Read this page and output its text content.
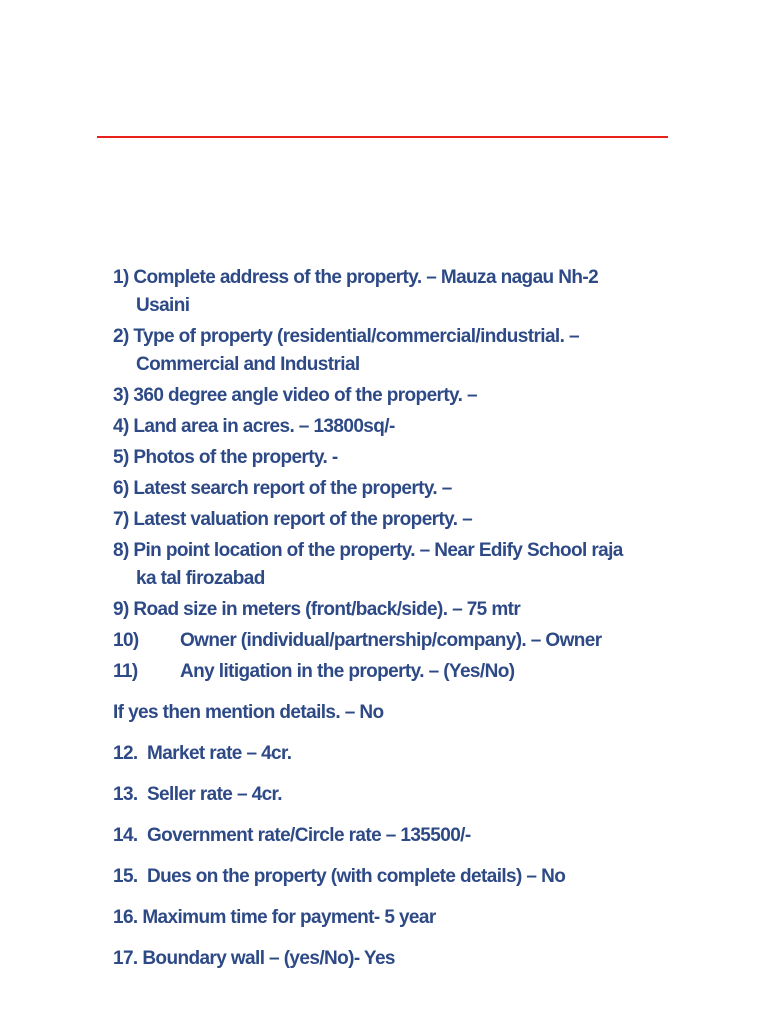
1) Complete address of the property. – Mauza nagau Nh-2
Usaini
2) Type of property (residential/commercial/industrial. –
Commercial and Industrial
3) 360 degree angle video of the property. –
4) Land area in acres. – 13800sq/-
5) Photos of the property. -
6) Latest search report of the property. –
7) Latest valuation report of the property. –
8) Pin point location of the property. – Near Edify School raja
ka tal firozabad
9) Road size in meters (front/back/side). – 75 mtr
10) Owner (individual/partnership/company). – Owner
11) Any litigation in the property. – (Yes/No)
If yes then mention details. – No
12. Market rate – 4cr.
13. Seller rate – 4cr.
14. Government rate/Circle rate – 135500/-
15. Dues on the property (with complete details) – No
16. Maximum time for payment- 5 year
17. Boundary wall – (yes/No)- Yes
